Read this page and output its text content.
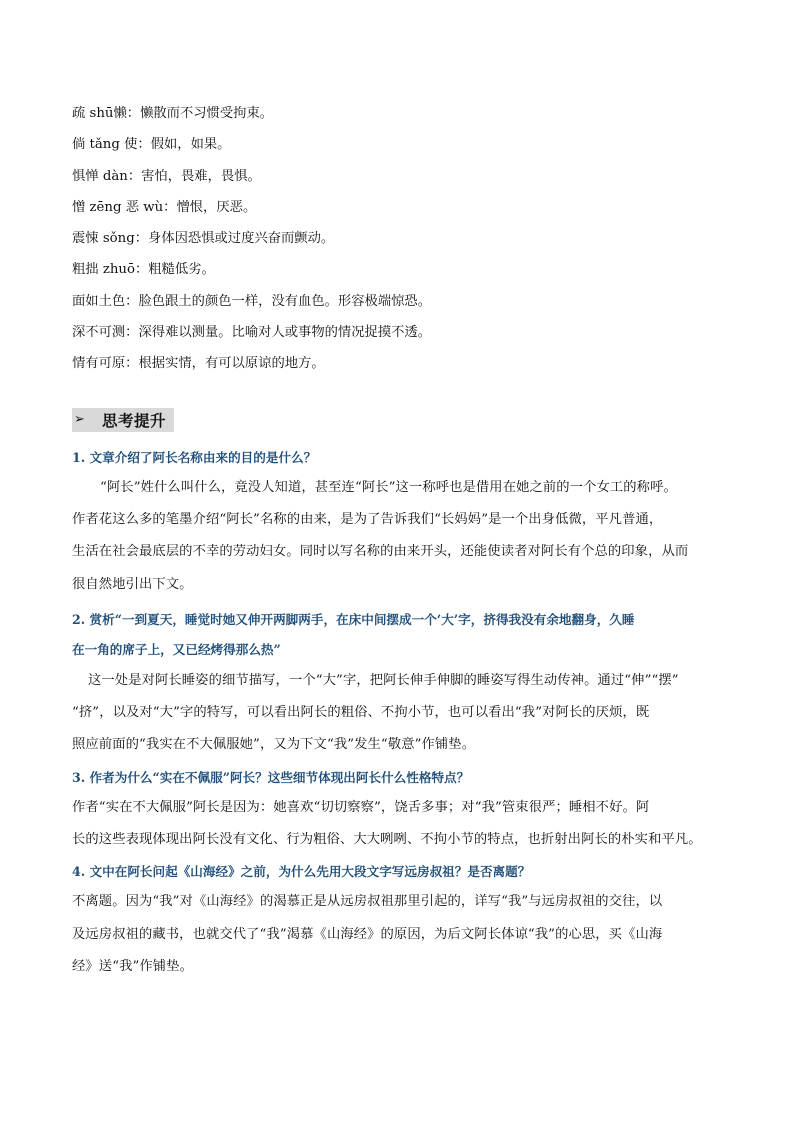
疏 shū懒：懒散而不习惯受拘束。
倘 tǎng 使：假如，如果。
惧惮 dàn：害怕，畏难，畏惧。
憎 zēng 恶 wù：憎恨，厌恶。
震悚 sǒng：身体因恐惧或过度兴奋而颤动。
粗拙 zhuō：粗糙低劣。
面如土色：脸色跟土的颜色一样，没有血色。形容极端惊恐。
深不可测：深得难以测量。比喻对人或事物的情况捉摸不透。
情有可原：根据实情，有可以原谅的地方。
➢	思考提升

1. 文章介绍了阿长名称由来的目的是什么？

“阿长”姓什么叫什么，竟没人知道，甚至连“阿长”这一称呼也是借用在她之前的一个女工的称呼。
作者花这么多的笔墨介绍“阿长”名称的由来，是为了告诉我们“长妈妈”是一个出身低微，平凡普通，
生活在社会最底层的不幸的劳动妇女。同时以写名称的由来开头，还能使读者对阿长有个总的印象，从而
很自然地引出下文。

2. 赏析“一到夏天，睡觉时她又伸开两脚两手，在床中间摆成一个‘大’字，挤得我没有余地翻身，久睡
在一角的席子上，又已经烤得那么热”

这一处是对阿长睡姿的细节描写，一个“大”字，把阿长伸手伸脚的睡姿写得生动传神。通过“伸”“摆”
“挤”，以及对“大”字的特写，可以看出阿长的粗俗、不拘小节，也可以看出“我”对阿长的厌烦，既
照应前面的“我实在不大佩服她”，又为下文“我”发生“敬意”作铺垫。

3. 作者为什么“实在不佩服”阿长？这些细节体现出阿长什么性格特点？

作者“实在不大佩服”阿长是因为：她喜欢“切切察察”，饶舌多事；对“我”管束很严；睡相不好。阿
长的这些表现体现出阿长没有文化、行为粗俗、大大咧咧、不拘小节的特点，也折射出阿长的朴实和平凡。

4. 文中在阿长问起《山海经》之前，为什么先用大段文字写远房叔祖？是否离题？

不离题。因为“我”对《山海经》的渴慕正是从远房叔祖那里引起的，详写“我”与远房叔祖的交往，以
及远房叔祖的藏书，也就交代了“我”渴慕《山海经》的原因，为后文阿长体谅“我”的心思，买《山海
经》送“我”作铺垫。
